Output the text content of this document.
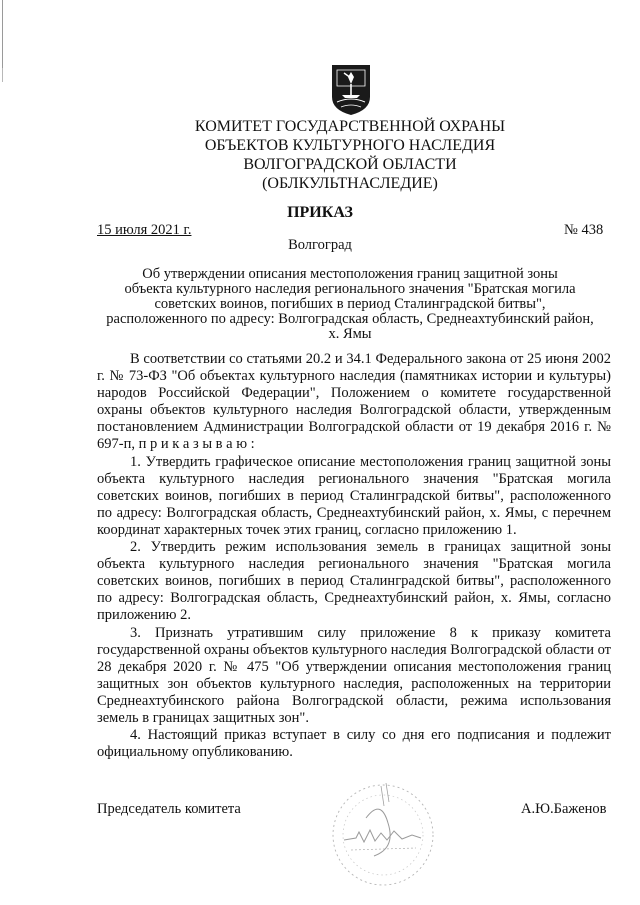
КОМИТЕТ ГОСУДАРСТВЕННОЙ ОХРАНЫ
ОБЪЕКТОВ КУЛЬТУРНОГО НАСЛЕДИЯ
ВОЛГОГРАДСКОЙ ОБЛАСТИ
(ОБЛКУЛЬТНАСЛЕДИЕ)
ПРИКАЗ
15 июля 2021 г.	№ 438
Волгоград
Об утверждении описания местоположения границ защитной зоны
объекта культурного наследия регионального значения "Братская могила
советских воинов, погибших в период Сталинградской битвы",
расположенного по адресу: Волгоградская область, Среднеахтубинский район,
х. Ямы

В соответствии со статьями 20.2 и 34.1 Федерального закона от 25 июня 2002 г. № 73-ФЗ "Об объектах культурного наследия (памятниках истории и культуры) народов Российской Федерации", Положением о комитете государственной охраны объектов культурного наследия Волгоградской области, утвержденным постановлением Администрации Волгоградской области от 19 декабря 2016 г. № 697-п, п р и к а з ы в а ю :

1. Утвердить графическое описание местоположения границ защитной зоны объекта культурного наследия регионального значения "Братская могила советских воинов, погибших в период Сталинградской битвы", расположенного по адресу: Волгоградская область, Среднеахтубинский район, х. Ямы, с перечнем координат характерных точек этих границ, согласно приложению 1.

2. Утвердить режим использования земель в границах защитной зоны объекта культурного наследия регионального значения "Братская могила советских воинов, погибших в период Сталинградской битвы", расположенного по адресу: Волгоградская область, Среднеахтубинский район, х. Ямы, согласно приложению 2.

3. Признать утратившим силу приложение 8 к приказу комитета государственной охраны объектов культурного наследия Волгоградской области от 28 декабря 2020 г. № 475 "Об утверждении описания местоположения границ защитных зон объектов культурного наследия, расположенных на территории Среднеахтубинского района Волгоградской области, режима использования земель в границах защитных зон".

4. Настоящий приказ вступает в силу со дня его подписания и подлежит официальному опубликованию.

Председатель комитета	А.Ю.Баженов
